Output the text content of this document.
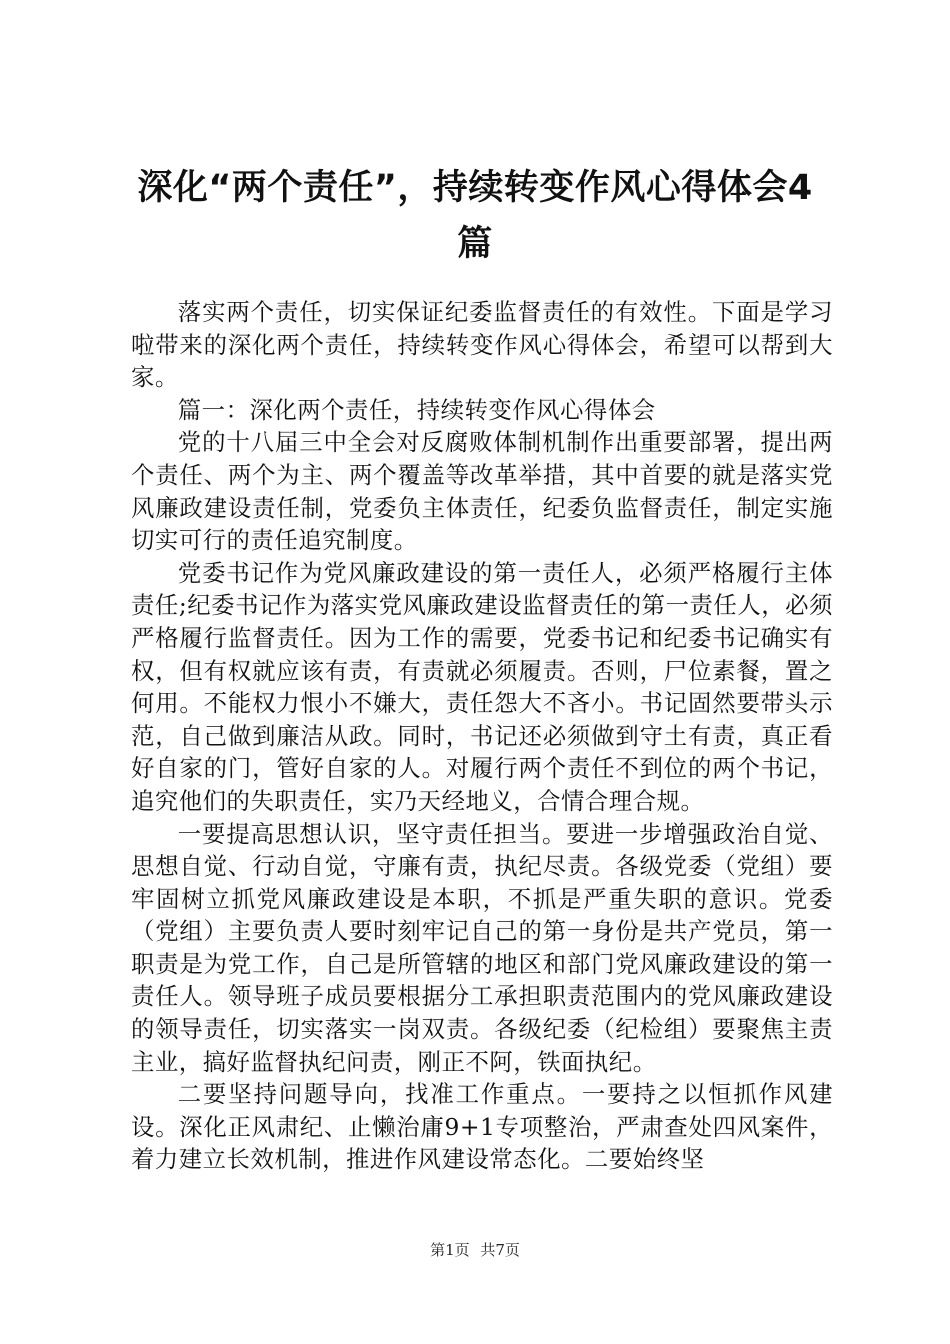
深化“两个责任”，持续转变作风心得体会4篇

落实两个责任，切实保证纪委监督责任的有效性。下面是学习啦带来的深化两个责任，持续转变作风心得体会，希望可以帮到大家。

篇一：深化两个责任，持续转变作风心得体会

党的十八届三中全会对反腐败体制机制作出重要部署，提出两个责任、两个为主、两个覆盖等改革举措，其中首要的就是落实党风廉政建设责任制，党委负主体责任，纪委负监督责任，制定实施切实可行的责任追究制度。

党委书记作为党风廉政建设的第一责任人，必须严格履行主体责任;纪委书记作为落实党风廉政建设监督责任的第一责任人，必须严格履行监督责任。因为工作的需要，党委书记和纪委书记确实有权，但有权就应该有责，有责就必须履责。否则，尸位素餐，置之何用。不能权力恨小不嫌大，责任怨大不吝小。书记固然要带头示范，自己做到廉洁从政。同时，书记还必须做到守土有责，真正看好自家的门，管好自家的人。对履行两个责任不到位的两个书记，追究他们的失职责任，实乃天经地义，合情合理合规。

一要提高思想认识，坚守责任担当。要进一步增强政治自觉、思想自觉、行动自觉，守廉有责，执纪尽责。各级党委（党组）要牢固树立抓党风廉政建设是本职，不抓是严重失职的意识。党委（党组）主要负责人要时刻牢记自己的第一身份是共产党员，第一职责是为党工作，自己是所管辖的地区和部门党风廉政建设的第一责任人。领导班子成员要根据分工承担职责范围内的党风廉政建设的领导责任，切实落实一岗双责。各级纪委（纪检组）要聚焦主责主业，搞好监督执纪问责，刚正不阿，铁面执纪。

二要坚持问题导向，找准工作重点。一要持之以恒抓作风建设。深化正风肃纪、止懒治庸9+1专项整治，严肃查处四风案件，着力建立长效机制，推进作风建设常态化。二要始终坚

第1页 共7页
